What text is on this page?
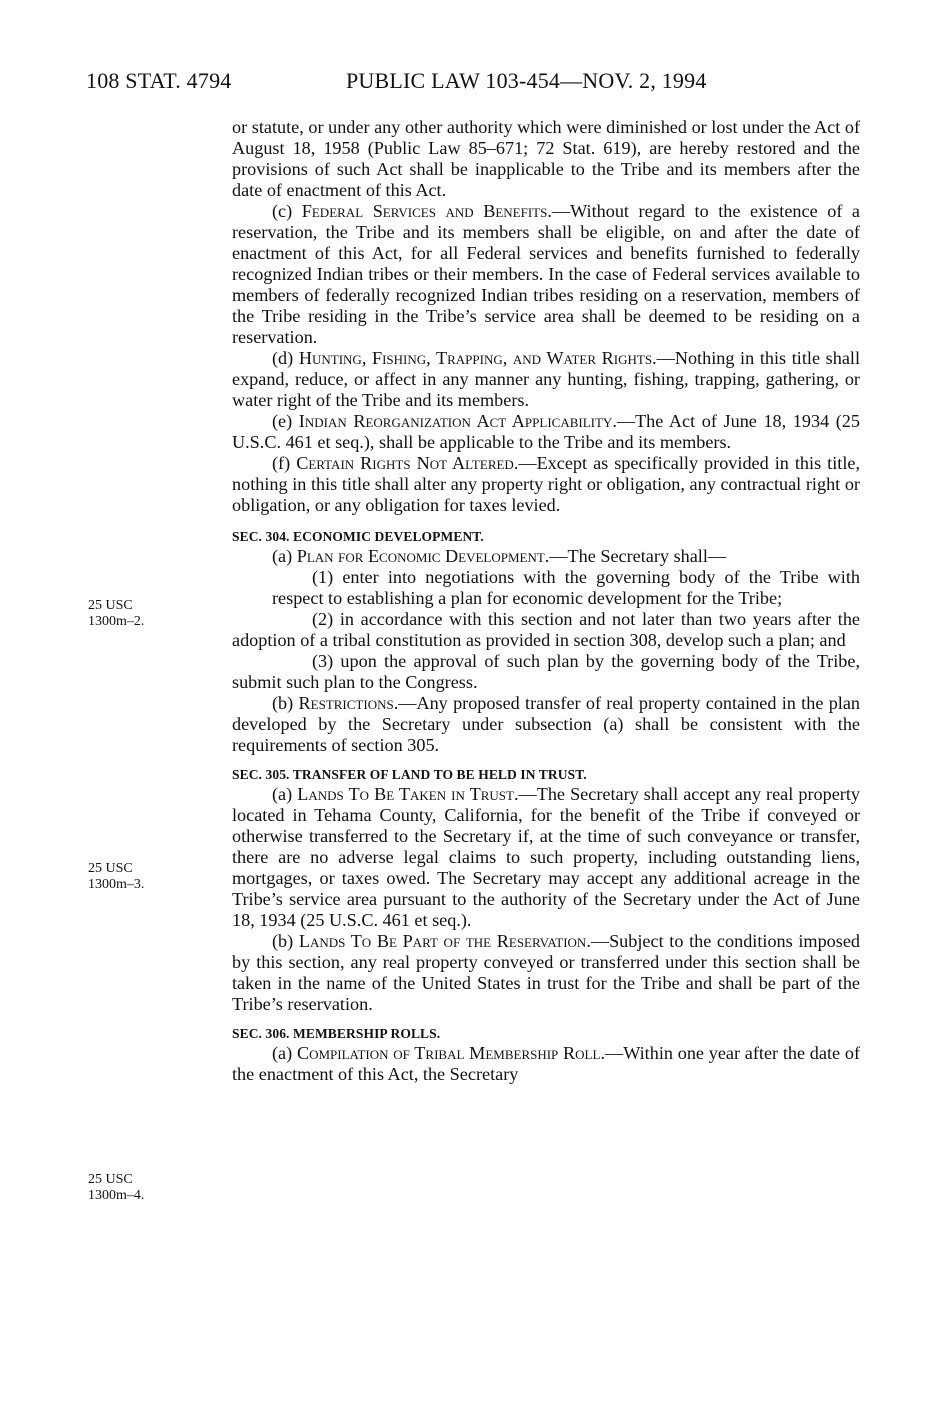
108 STAT. 4794	PUBLIC LAW 103-454—NOV. 2, 1994
25 USC
1300m–2.
25 USC
1300m–3.
25 USC
1300m–4.

or statute, or under any other authority which were diminished or lost under the Act of August 18, 1958 (Public Law 85–671; 72 Stat. 619), are hereby restored and the provisions of such Act shall be inapplicable to the Tribe and its members after the date of enactment of this Act.

(c) Federal Services and Benefits.—Without regard to the existence of a reservation, the Tribe and its members shall be eligible, on and after the date of enactment of this Act, for all Federal services and benefits furnished to federally recognized Indian tribes or their members. In the case of Federal services available to members of federally recognized Indian tribes residing on a reservation, members of the Tribe residing in the Tribe’s service area shall be deemed to be residing on a reservation.

(d) Hunting, Fishing, Trapping, and Water Rights.—Nothing in this title shall expand, reduce, or affect in any manner any hunting, fishing, trapping, gathering, or water right of the Tribe and its members.

(e) Indian Reorganization Act Applicability.—The Act of June 18, 1934 (25 U.S.C. 461 et seq.), shall be applicable to the Tribe and its members.

(f) Certain Rights Not Altered.—Except as specifically provided in this title, nothing in this title shall alter any property right or obligation, any contractual right or obligation, or any obligation for taxes levied.

SEC. 304. ECONOMIC DEVELOPMENT.

(a) Plan for Economic Development.—The Secretary shall—

(1) enter into negotiations with the governing body of the Tribe with respect to establishing a plan for economic development for the Tribe;

(2) in accordance with this section and not later than two years after the adoption of a tribal constitution as provided in section 308, develop such a plan; and

(3) upon the approval of such plan by the governing body of the Tribe, submit such plan to the Congress.

(b) Restrictions.—Any proposed transfer of real property contained in the plan developed by the Secretary under subsection (a) shall be consistent with the requirements of section 305.

SEC. 305. TRANSFER OF LAND TO BE HELD IN TRUST.

(a) Lands To Be Taken in Trust.—The Secretary shall accept any real property located in Tehama County, California, for the benefit of the Tribe if conveyed or otherwise transferred to the Secretary if, at the time of such conveyance or transfer, there are no adverse legal claims to such property, including outstanding liens, mortgages, or taxes owed. The Secretary may accept any additional acreage in the Tribe’s service area pursuant to the authority of the Secretary under the Act of June 18, 1934 (25 U.S.C. 461 et seq.).

(b) Lands To Be Part of the Reservation.—Subject to the conditions imposed by this section, any real property conveyed or transferred under this section shall be taken in the name of the United States in trust for the Tribe and shall be part of the Tribe’s reservation.

SEC. 306. MEMBERSHIP ROLLS.

(a) Compilation of Tribal Membership Roll.—Within one year after the date of the enactment of this Act, the Secretary
